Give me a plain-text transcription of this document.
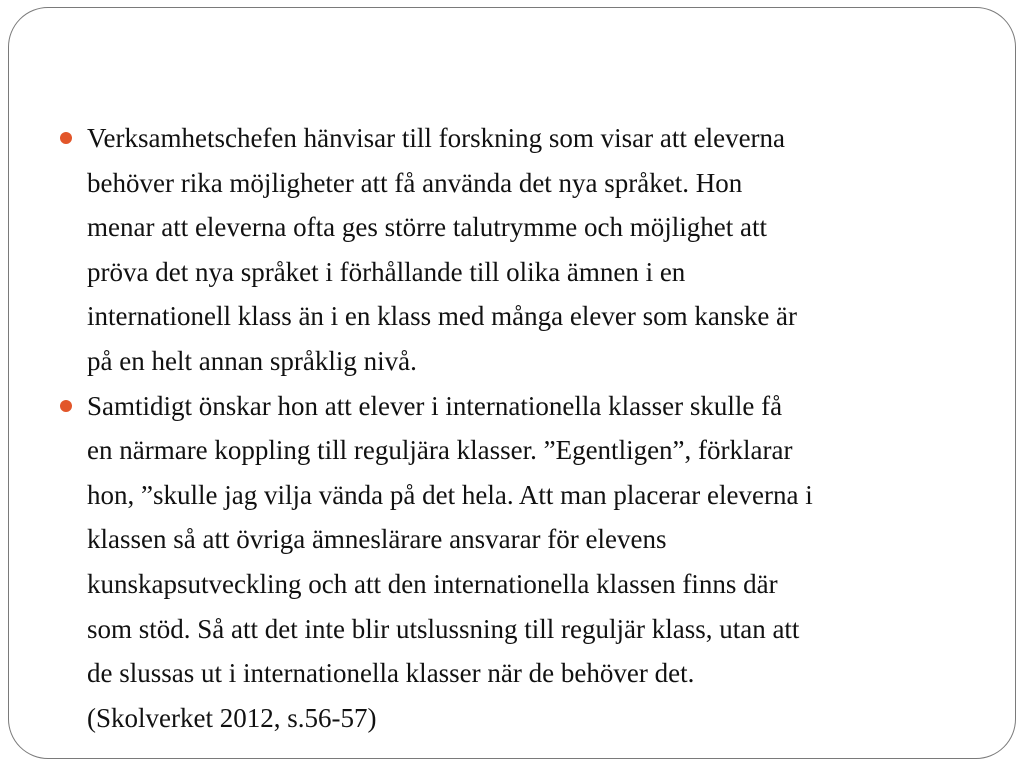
Verksamhetschefen hänvisar till forskning som visar att eleverna
behöver rika möjligheter att få använda det nya språket. Hon
menar att eleverna ofta ges större talutrymme och möjlighet att
pröva det nya språket i förhållande till olika ämnen i en
internationell klass än i en klass med många elever som kanske är
på en helt annan språklig nivå.
Samtidigt önskar hon att elever i internationella klasser skulle få
en närmare koppling till reguljära klasser. ”Egentligen”, förklarar
hon, ”skulle jag vilja vända på det hela. Att man placerar eleverna i
klassen så att övriga ämneslärare ansvarar för elevens
kunskapsutveckling och att den internationella klassen finns där
som stöd. Så att det inte blir utslussning till reguljär klass, utan att
de slussas ut i internationella klasser när de behöver det.
(Skolverket 2012, s.56-57)
